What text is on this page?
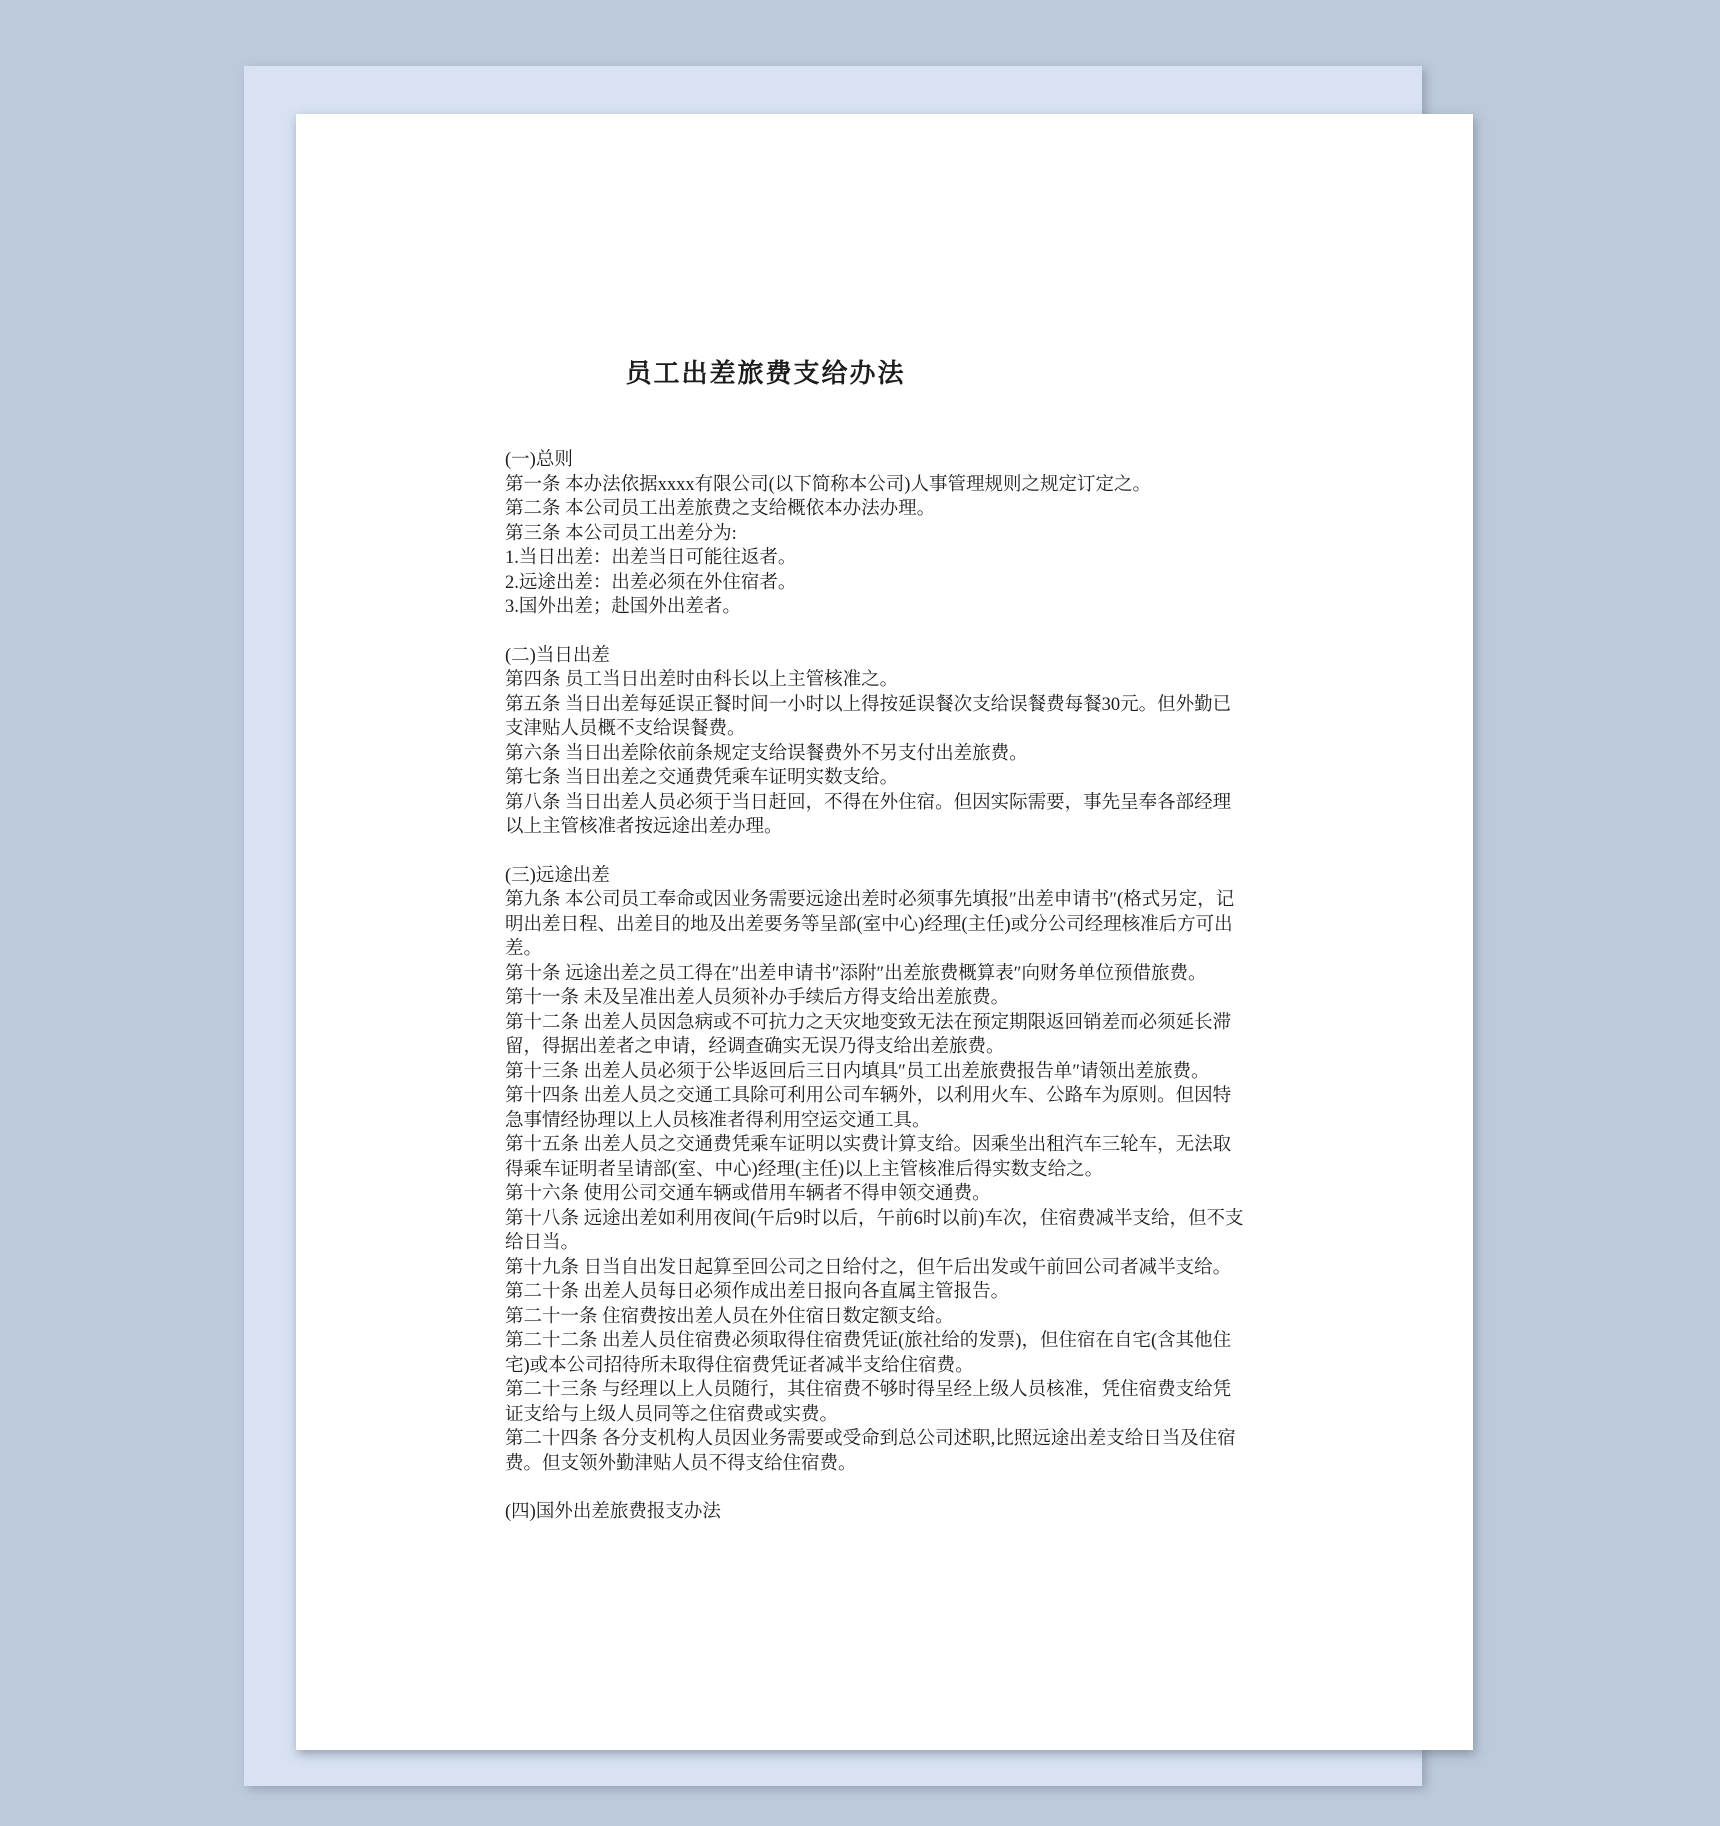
员工出差旅费支给办法
(一)总则
第一条 本办法依据xxxx有限公司(以下简称本公司)人事管理规则之规定订定之。
第二条 本公司员工出差旅费之支给概依本办法办理。
第三条 本公司员工出差分为:
1.当日出差：出差当日可能往返者。
2.远途出差：出差必须在外住宿者。
3.国外出差；赴国外出差者。
(二)当日出差
第四条 员工当日出差时由科长以上主管核准之。
第五条 当日出差每延误正餐时间一小时以上得按延误餐次支给误餐费每餐30元。但外勤已支津贴人员概不支给误餐费。
第六条 当日出差除依前条规定支给误餐费外不另支付出差旅费。
第七条 当日出差之交通费凭乘车证明实数支给。
第八条 当日出差人员必须于当日赶回，不得在外住宿。但因实际需要，事先呈奉各部经理以上主管核准者按远途出差办理。
(三)远途出差
第九条 本公司员工奉命或因业务需要远途出差时必须事先填报″出差申请书″(格式另定，记明出差日程、出差目的地及出差要务等呈部(室中心)经理(主任)或分公司经理核准后方可出差。
第十条 远途出差之员工得在″出差申请书″添附″出差旅费概算表″向财务单位预借旅费。
第十一条 未及呈准出差人员须补办手续后方得支给出差旅费。
第十二条 出差人员因急病或不可抗力之天灾地变致无法在预定期限返回销差而必须延长滞留，得据出差者之申请，经调查确实无误乃得支给出差旅费。
第十三条 出差人员必须于公毕返回后三日内填具″员工出差旅费报告单″请领出差旅费。
第十四条 出差人员之交通工具除可利用公司车辆外，以利用火车、公路车为原则。但因特急事情经协理以上人员核准者得利用空运交通工具。
第十五条 出差人员之交通费凭乘车证明以实费计算支给。因乘坐出租汽车三轮车，无法取得乘车证明者呈请部(室、中心)经理(主任)以上主管核准后得实数支给之。
第十六条 使用公司交通车辆或借用车辆者不得申领交通费。
第十八条 远途出差如利用夜间(午后9时以后，午前6时以前)车次，住宿费减半支给，但不支给日当。
第十九条 日当自出发日起算至回公司之日给付之，但午后出发或午前回公司者减半支给。
第二十条 出差人员每日必须作成出差日报向各直属主管报告。
第二十一条 住宿费按出差人员在外住宿日数定额支给。
第二十二条 出差人员住宿费必须取得住宿费凭证(旅社给的发票)，但住宿在自宅(含其他住宅)或本公司招待所未取得住宿费凭证者减半支给住宿费。
第二十三条 与经理以上人员随行，其住宿费不够时得呈经上级人员核准，凭住宿费支给凭证支给与上级人员同等之住宿费或实费。
第二十四条 各分支机构人员因业务需要或受命到总公司述职,比照远途出差支给日当及住宿费。但支领外勤津贴人员不得支给住宿费。
(四)国外出差旅费报支办法
